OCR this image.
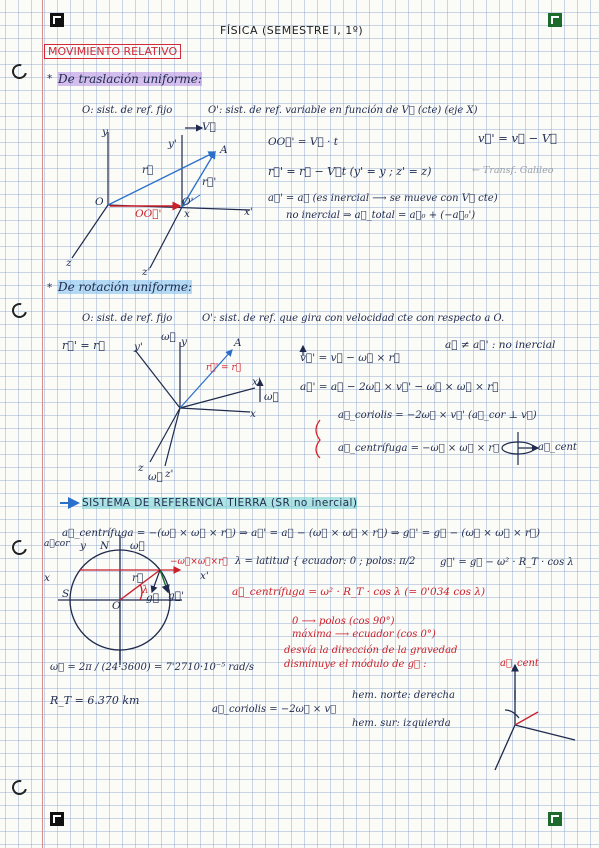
FÍSICA (SEMESTRE I, 1º)
MOVIMIENTO RELATIVO
* De traslación uniforme:
O: sist. de ref. fijo	O': sist. de ref. variable en función de V⃗ (cte) (eje X)
OO⃗' = V⃗ · t	v⃗' = v⃗ − V⃗
r⃗' = r⃗ − V⃗t (y' = y ; z' = z)	← Transf. Galileo
a⃗' = a⃗ (es inercial ⟶ se mueve con V⃗ cte)
no inercial ⇒ a⃗_total = a⃗₀ + (−a⃗₀')
y
y'
V⃗
r⃗
r⃗'
A
O	O'
OO⃗' x	x'
z
z'
* De rotación uniforme:
O: sist. de ref. fijo	O': sist. de ref. que gira con velocidad cte con respecto a O.
r⃗' = r⃗	a⃗ ≠ a⃗' : no inercial
v⃗' = v⃗ − ω⃗ × r⃗
a⃗' = a⃗ − 2ω⃗ × v⃗' − ω⃗ × ω⃗ × r⃗
a⃗_coriolis = −2ω⃗ × v⃗' (a⃗_cor ⊥ v⃗)
a⃗_centrífuga = −ω⃗ × ω⃗ × r⃗	a⃗_cent
y'
ω⃗ y	A
r⃗' = r⃗
x'
ω⃗
x
z
ω⃗ z'
SISTEMA DE REFERENCIA TIERRA (SR no inercial)
a⃗_centrífuga = −(ω⃗ × ω⃗ × r⃗) ⇒ a⃗' = a⃗ − (ω⃗ × ω⃗ × r⃗) ⇒ g⃗' = g⃗ − (ω⃗ × ω⃗ × r⃗)
g⃗' = g⃗ − ω² · R_T · cos λ
λ = latitud { ecuador: 0 ; polos: π/2
a⃗_centrífuga = ω² · R_T · cos λ (= 0'034 cos λ)
0 ⟶ polos (cos 90°)
máxima ⟶ ecuador (cos 0°)
desvía la dirección de la gravedad
disminuye el módulo de g⃗ :	a⃗_cent
ω⃗ = 2π / (24·3600) = 7'2710·10⁻⁵ rad/s
R_T = 6.370 km
a⃗_coriolis = −2ω⃗ × v⃗
hem. norte: derecha
hem. sur: izquierda
a⃗cor y N ω⃗
−ω⃗×ω⃗×r⃗
x	x'
S	λ
r⃗
O
g⃗ g⃗'
